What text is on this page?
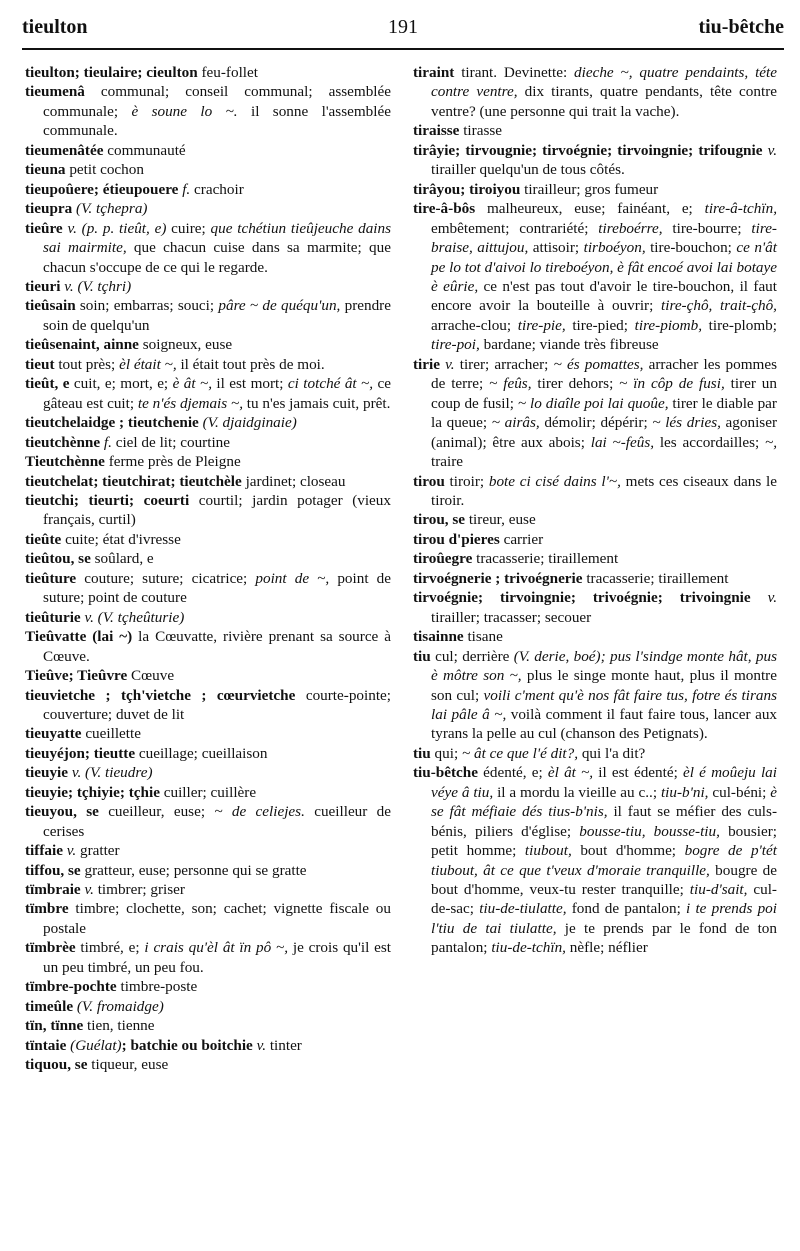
tieulton	191	tiu-bêtche

tieulton; tieulaire; cieulton feu-follet

tieumenâ communal; conseil communal; assemblée communale; è soune lo ~. il sonne l'assemblée communale.

tieumenâtée communauté

tieuna petit cochon

tieupoûere; étieupouere f. crachoir

tieupra (V. tçhepra)

tieûre v. (p. p. tieût, e) cuire; que tchétiun tieûjeuche dains sai mairmite, que chacun cuise dans sa marmite; que chacun s'occupe de ce qui le regarde.

tieuri v. (V. tçhri)

tieûsain soin; embarras; souci; pâre ~ de quéqu'un, prendre soin de quelqu'un

tieûsenaint, ainne soigneux, euse

tieut tout près; èl était ~, il était tout près de moi.

tieût, e cuit, e; mort, e; è ât ~, il est mort; ci totché ât ~, ce gâteau est cuit; te n'és djemais ~, tu n'es jamais cuit, prêt.

tieutchelaidge ; tieutchenie (V. djaidginaie)

tieutchènne f. ciel de lit; courtine

Tieutchènne ferme près de Pleigne

tieutchelat; tieutchirat; tieutchèle jardinet; closeau

tieutchi; tieurti; coeurti courtil; jardin potager (vieux français, curtil)

tieûte cuite; état d'ivresse

tieûtou, se soûlard, e

tieûture couture; suture; cicatrice; point de ~, point de suture; point de couture

tieûturie v. (V. tçheûturie)

Tieûvatte (lai ~) la Cœuvatte, rivière prenant sa source à Cœuve.

Tieûve; Tieûvre Cœuve

tieuvietche ; tçh'vietche ; cœurvietche courte-pointe; couverture; duvet de lit

tieuyatte cueillette

tieuyéjon; tieutte cueillage; cueillaison

tieuyie v. (V. tieudre)

tieuyie; tçhiyie; tçhie cuiller; cuillère

tieuyou, se cueilleur, euse; ~ de celiejes. cueilleur de cerises

tiffaie v. gratter

tiffou, se gratteur, euse; personne qui se gratte

tïmbraie v. timbrer; griser

tïmbre timbre; clochette, son; cachet; vignette fiscale ou postale

tïmbrèe timbré, e; i crais qu'èl ât ïn pô ~, je crois qu'il est un peu timbré, un peu fou.

tïmbre-pochte timbre-poste

timeûle (V. fromaidge)

tïn, tïnne tien, tienne

tïntaie (Guélat); batchie ou boitchie v. tinter

tiquou, se tiqueur, euse

tiraint tirant. Devinette: dieche ~, quatre pendaints, téte contre ventre, dix tirants, quatre pendants, tête contre ventre? (une personne qui trait la vache).

tiraisse tirasse

tirâyie; tirvougnie; tirvoégnie; tirvoingnie; trifougnie v. tirailler quelqu'un de tous côtés.

tirâyou; tiroiyou tirailleur; gros fumeur

tire-â-bôs malheureux, euse; fainéant, e; tire-â-tchïn, embêtement; contrariété; tireboérre, tire-bourre; tire-braise, aittujou, attisoir; tirboéyon, tire-bouchon; ce n'ât pe lo tot d'aivoi lo tireboéyon, è fât encoé avoi lai botaye è eûrie, ce n'est pas tout d'avoir le tire-bouchon, il faut encore avoir la bouteille à ouvrir; tire-çhô, trait-çhô, arrache-clou; tire-pie, tire-pied; tire-piomb, tire-plomb; tire-poi, bardane; viande très fibreuse

tirie v. tirer; arracher; ~ és pomattes, arracher les pommes de terre; ~ feûs, tirer dehors; ~ ïn côp de fusi, tirer un coup de fusil; ~ lo diaîle poi lai quoûe, tirer le diable par la queue; ~ airâs, démolir; dépérir; ~ lés dries, agoniser (animal); être aux abois; lai ~-feûs, les accordailles; ~, traire

tirou tiroir; bote ci cisé dains l'~, mets ces ciseaux dans le tiroir.

tirou, se tireur, euse

tirou d'pieres carrier

tiroûegre tracasserie; tiraillement

tirvoégnerie ; trivoégnerie tracasserie; tiraillement

tirvoégnie; tirvoingnie; trivoégnie; trivoingnie v. tirailler; tracasser; secouer

tisainne tisane

tiu cul; derrière (V. derie, boé); pus l'sindge monte hât, pus è môtre son ~, plus le singe monte haut, plus il montre son cul; voili c'ment qu'è nos fât faire tus, fotre és tirans lai pâle â ~, voilà comment il faut faire tous, lancer aux tyrans la pelle au cul (chanson des Petignats).

tiu qui; ~ ât ce que l'é dit?, qui l'a dit?

tiu-bêtche édenté, e; èl ât ~, il est édenté; èl é moûeju lai véye â tiu, il a mordu la vieille au c..; tiu-b'ni, cul-béni; è se fât méfiaie dés tius-b'nis, il faut se méfier des culs-bénis, piliers d'église; bousse-tiu, bousse-tiu, bousier; petit homme; tiubout, bout d'homme; bogre de p'tét tiubout, ât ce que t'veux d'moraie tranquille, bougre de bout d'homme, veux-tu rester tranquille; tiu-d'sait, cul-de-sac; tiu-de-tiulatte, fond de pantalon; i te prends poi l'tiu de tai tiulatte, je te prends par le fond de ton pantalon; tiu-de-tchïn, nèfle; néflier
